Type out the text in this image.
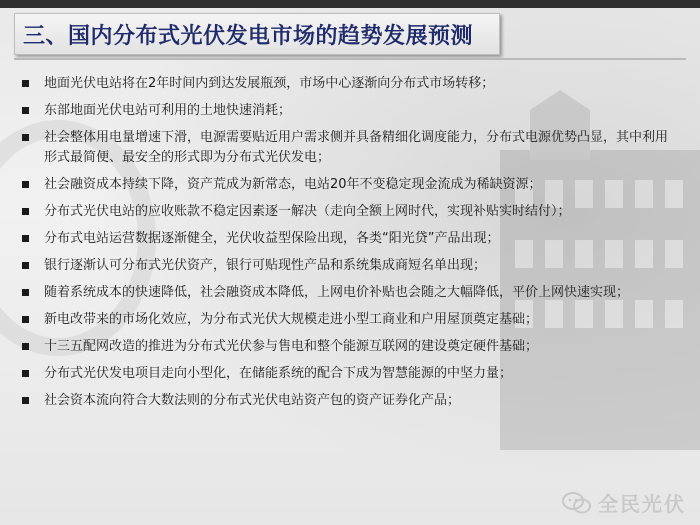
三、国内分布式光伏发电市场的趋势发展预测
地面光伏电站将在2年时间内到达发展瓶颈，市场中心逐渐向分布式市场转移；
东部地面光伏电站可利用的土地快速消耗；
社会整体用电量增速下滑，电源需要贴近用户需求侧并具备精细化调度能力，分布式电源优势凸显，其中利用形式最简便、最安全的形式即为分布式光伏发电；
社会融资成本持续下降，资产荒成为新常态，电站20年不变稳定现金流成为稀缺资源；
分布式光伏电站的应收账款不稳定因素逐一解决（走向全额上网时代，实现补贴实时结付）；
分布式电站运营数据逐渐健全，光伏收益型保险出现，各类“阳光贷”产品出现；
银行逐渐认可分布式光伏资产，银行可贴现性产品和系统集成商短名单出现；
随着系统成本的快速降低，社会融资成本降低，上网电价补贴也会随之大幅降低，平价上网快速实现；
新电改带来的市场化效应，为分布式光伏大规模走进小型工商业和户用屋顶奠定基础；
十三五配网改造的推进为分布式光伏参与售电和整个能源互联网的建设奠定硬件基础；
分布式光伏发电项目走向小型化，在储能系统的配合下成为智慧能源的中坚力量；
社会资本流向符合大数法则的分布式光伏电站资产包的资产证券化产品；
全民光伏
